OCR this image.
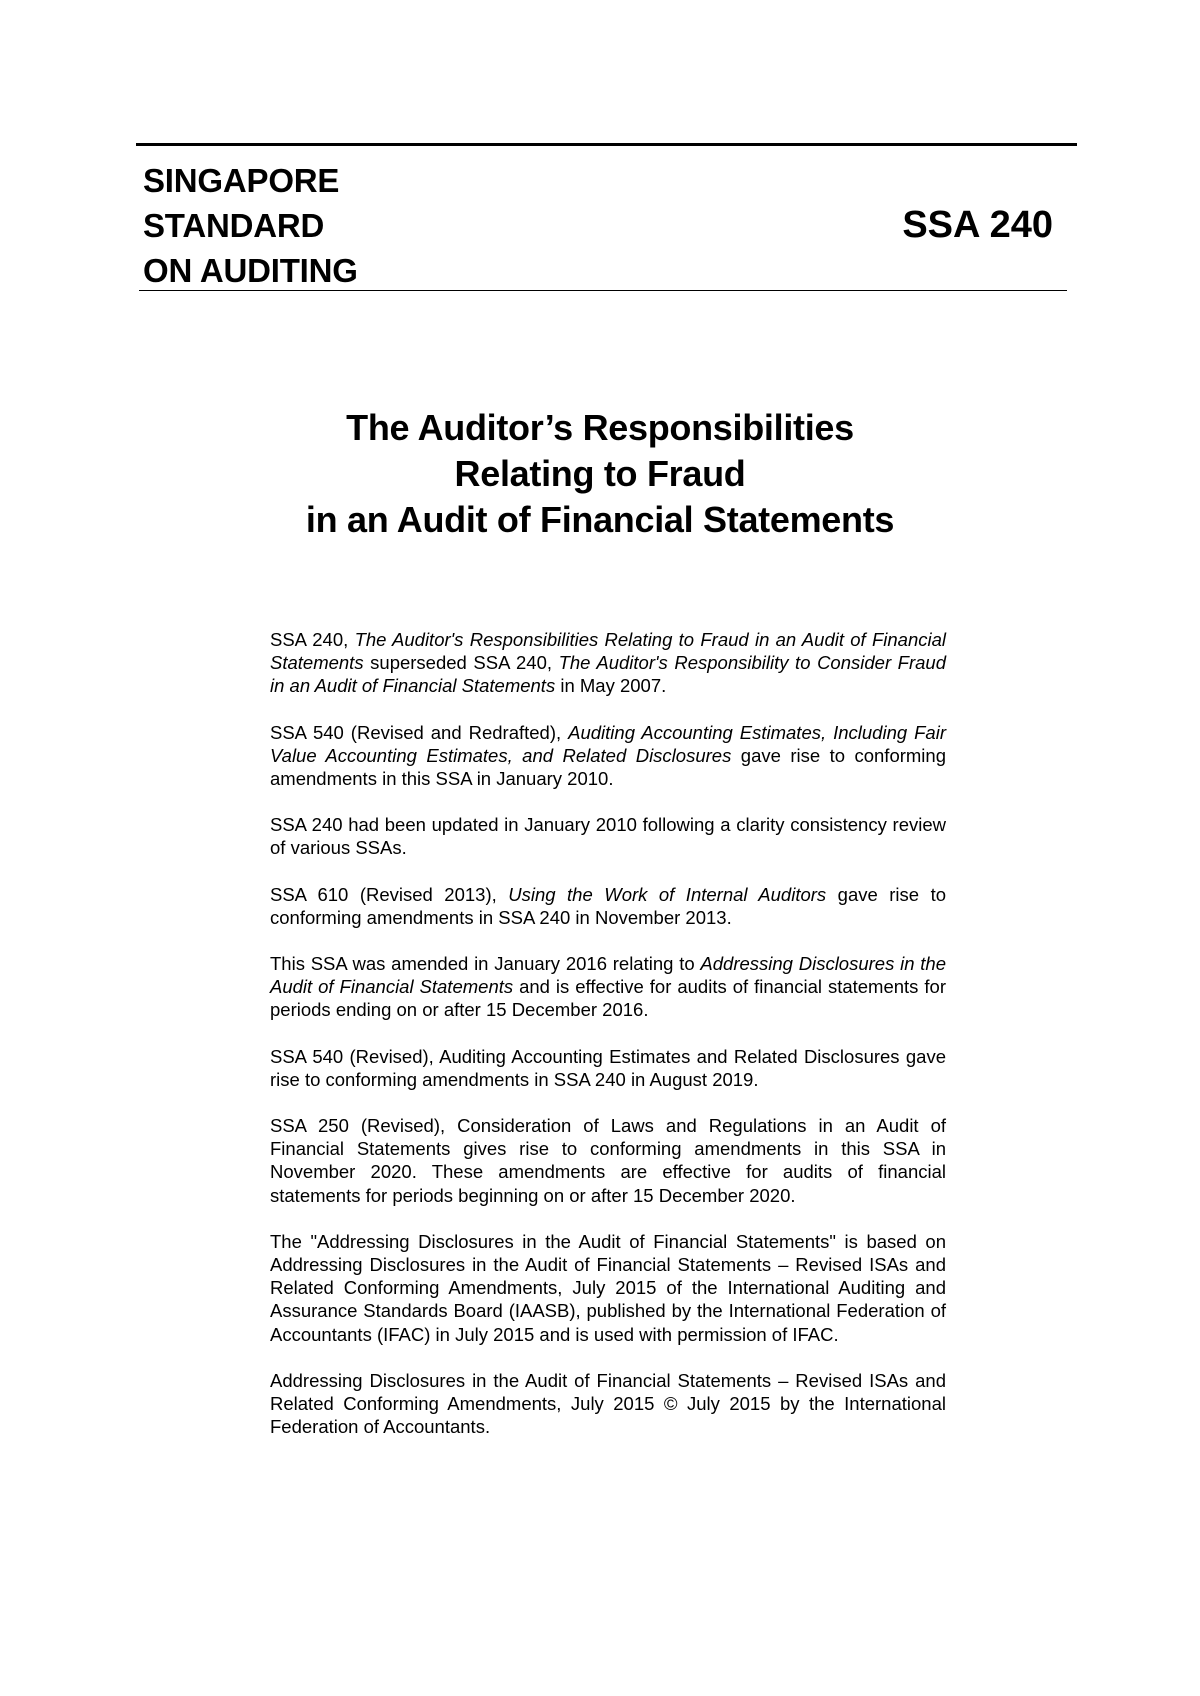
SINGAPORE
STANDARD
ON AUDITING
SSA 240
The Auditor’s Responsibilities
Relating to Fraud
in an Audit of Financial Statements

SSA 240, The Auditor's Responsibilities Relating to Fraud in an Audit of Financial Statements superseded SSA 240, The Auditor's Responsibility to Consider Fraud in an Audit of Financial Statements in May 2007.

SSA 540 (Revised and Redrafted), Auditing Accounting Estimates, Including Fair Value Accounting Estimates, and Related Disclosures gave rise to conforming amendments in this SSA in January 2010.

SSA 240 had been updated in January 2010 following a clarity consistency review of various SSAs.

SSA 610 (Revised 2013), Using the Work of Internal Auditors gave rise to conforming amendments in SSA 240 in November 2013.

This SSA was amended in January 2016 relating to Addressing Disclosures in the Audit of Financial Statements and is effective for audits of financial statements for periods ending on or after 15 December 2016.

SSA 540 (Revised), Auditing Accounting Estimates and Related Disclosures gave rise to conforming amendments in SSA 240 in August 2019.

SSA 250 (Revised), Consideration of Laws and Regulations in an Audit of Financial Statements gives rise to conforming amendments in this SSA in November 2020. These amendments are effective for audits of financial statements for periods beginning on or after 15 December 2020.

The "Addressing Disclosures in the Audit of Financial Statements" is based on Addressing Disclosures in the Audit of Financial Statements – Revised ISAs and Related Conforming Amendments, July 2015 of the International Auditing and Assurance Standards Board (IAASB), published by the International Federation of Accountants (IFAC) in July 2015 and is used with permission of IFAC.

Addressing Disclosures in the Audit of Financial Statements – Revised ISAs and Related Conforming Amendments, July 2015 © July 2015 by the International Federation of Accountants.
